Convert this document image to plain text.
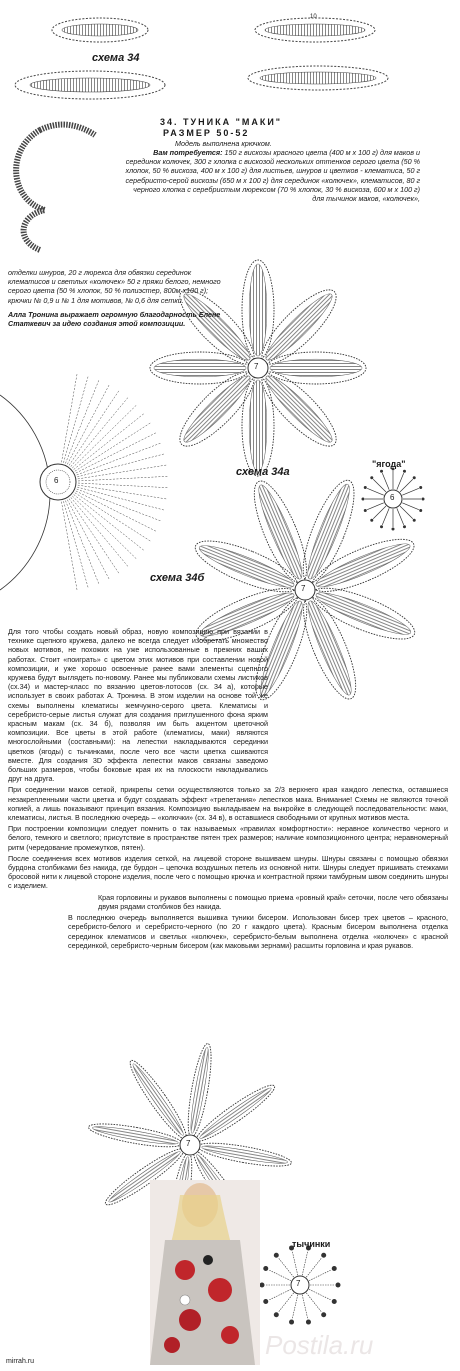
схема 34
схема 34а
схема 34б
"ягода"
тычинки
7
6
6
7
7
7
10
34. ТУНИКА "МАКИ"
РАЗМЕР 50-52
Модель выполнена крючком.
Вам потребуется: 150 г вискозы красного цвета (400 м х 100 г) для маков и серединок колючек, 300 г хлопка с вискозой нескольких оттенков серого цвета (50 % хлопок, 50 % вискоза, 400 м х 100 г) для листьев, шнуров и цветков - клематиса, 50 г серебристо-серой вискозы (650 м х 100 г) для серединок «колючек», клематисов, 80 г черного хлопка с серебристым люрексом (70 % хлопок, 30 % вискоза, 600 м х 100 г) для тычинок маков, «колючек»,
отделки шнуров, 20 г люрекса для обвязки серединок клематисов и светлых «колючек» 50 г пряжи белого, немного серого цвета (50 % хлопок, 50 % полиэстер, 800м х100 г); крючки № 0,9 и № 1 для мотивов, № 0,6 для сетки.
Алла Тронина выражает огромную благодарность Елене Статкевич за идею создания этой композиции.

Для того чтобы создать новый образ, новую композицию при вязании в технике сцепного кружева, далеко не всегда следует изобретать множество новых мотивов, не похожих на уже использованные в прежних ваших работах. Стоит «поиграть» с цветом этих мотивов при составлении новой композиции, и уже хорошо освоенные ранее вами элементы сцепного кружева будут выглядеть по-новому. Ранее мы публиковали схемы листиков (сх.34) и мастер-класс по вязанию цветов-лотосов (сх. 34 а), которые использует в своих работах А. Тронина. В этом изделии на основе той же схемы выполнены клематисы жемчужно-серого цвета. Клематисы и серебристо-серые листья служат для создания приглушенного фона ярким красным макам (сх. 34 б), позволяя им быть акцентом цветочной композиции. Все цветы в этой работе (клематисы, маки) являются многослойными (составными): на лепестки накладываются серединки цветков (ягоды) с тычинками, после чего все части цветка сшиваются вместе. Для создания 3D эффекта лепестки маков связаны заведомо больших размеров, чтобы боковые края их на плоскости накладывались друг на друга.

При соединении маков сеткой, прикрепы сетки осуществляются только за 2/3 верхнего края каждого лепестка, оставшиеся незакрепленными части цветка и будут создавать эффект «трепетания» лепестков мака. Внимание! Схемы не являются точной копией, а лишь показывают принцип вязания. Композицию выкладываем на выкройке в следующей последовательности: маки, клематисы, листья. В последнюю очередь – «колючки» (сх. 34 в), в оставшиеся свободными от крупных мотивов места.

При построении композиции следует помнить о так называемых «правилах комфортности»: неравное количество черного и белого, темного и светлого; присутствие в пространстве пятен трех размеров; наличие композиционного центра; неравномерный ритм (чередование промежутков, пятен).

После соединения всех мотивов изделия сеткой, на лицевой стороне вышиваем шнуры. Шнуры связаны с помощью обвязки бурдона столбиками без накида, где бурдон – цепочка воздушных петель из основной нити. Шнуры следует пришивать стежками бросовой нити к лицевой стороне изделия, после чего с помощью крючка и контрастной пряжи тамбурным швом соединить шнуры с изделием.

Края горловины и рукавов выполнены с помощью приема «ровный край» сеточки, после чего обвязаны двумя рядами столбиков без накида.

В последнюю очередь выполняется вышивка туники бисером. Использован бисер трех цветов – красного, серебристо-белого и серебристо-черного (по 20 г каждого цвета). Красным бисером выполнена отделка серединок клематисов и светлых «колючек», серебристо-белым выполнена отделка «колючек» с красной серединкой, серебристо-черным бисером (как маковыми зернами) расшиты горловина и края рукавов.

mirrah.ru
Postila.ru
